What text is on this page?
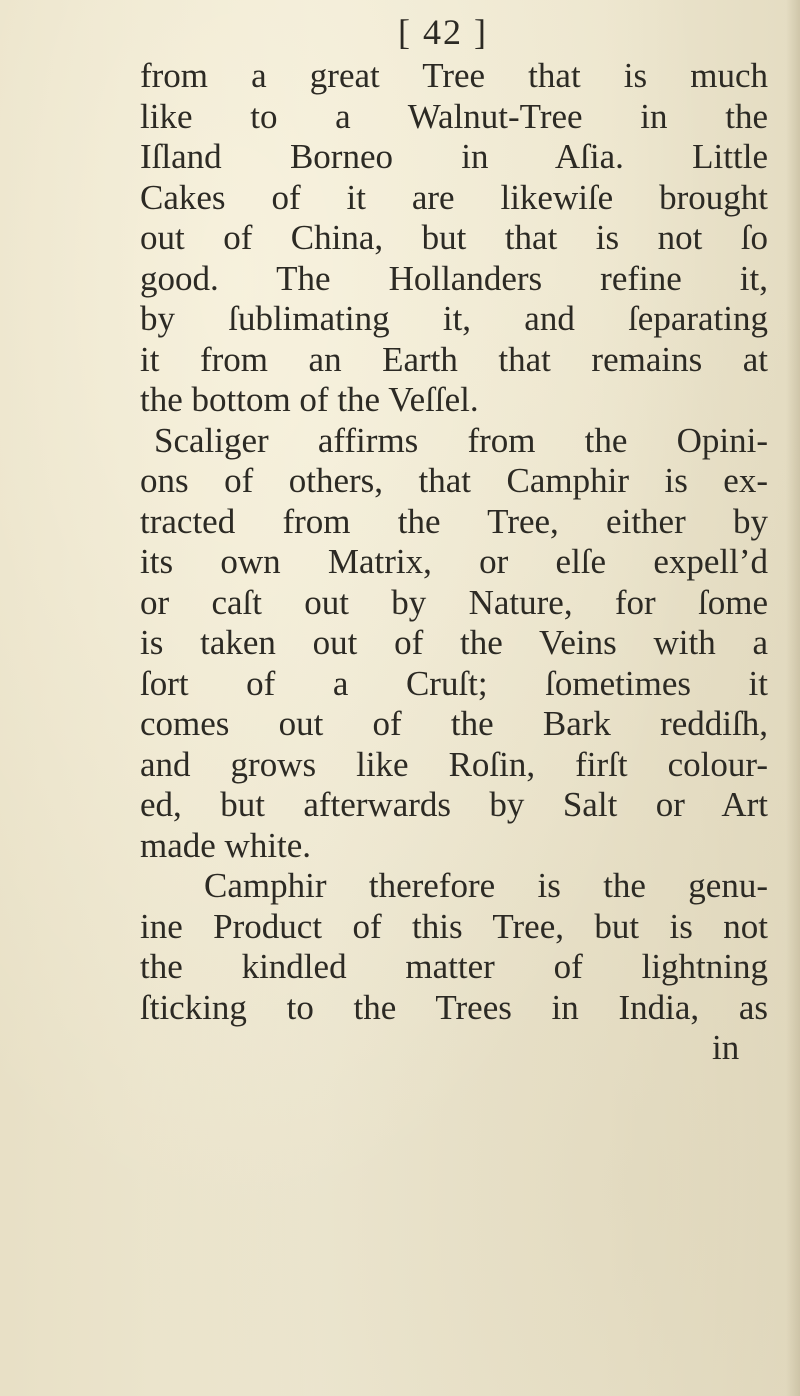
[ 42 ]
from a great Tree that is much
like to a Walnut-Tree in the
Iſland Borneo in Aſia. Little
Cakes of it are likewiſe brought
out of China, but that is not ſo
good. The Hollanders refine it,
by ſublimating it, and ſeparating
it from an Earth that remains at
the bottom of the Veſſel.
Scaliger affirms from the Opini-
ons of others, that Camphir is ex-
tracted from the Tree, either by
its own Matrix, or elſe expell’d
or caſt out by Nature, for ſome
is taken out of the Veins with a
ſort of a Cruſt; ſometimes it
comes out of the Bark reddiſh,
and grows like Roſin, firſt colour-
ed, but afterwards by Salt or Art
made white.
Camphir therefore is the genu-
ine Product of this Tree, but is not
the kindled matter of lightning
ſticking to the Trees in India, as
in
